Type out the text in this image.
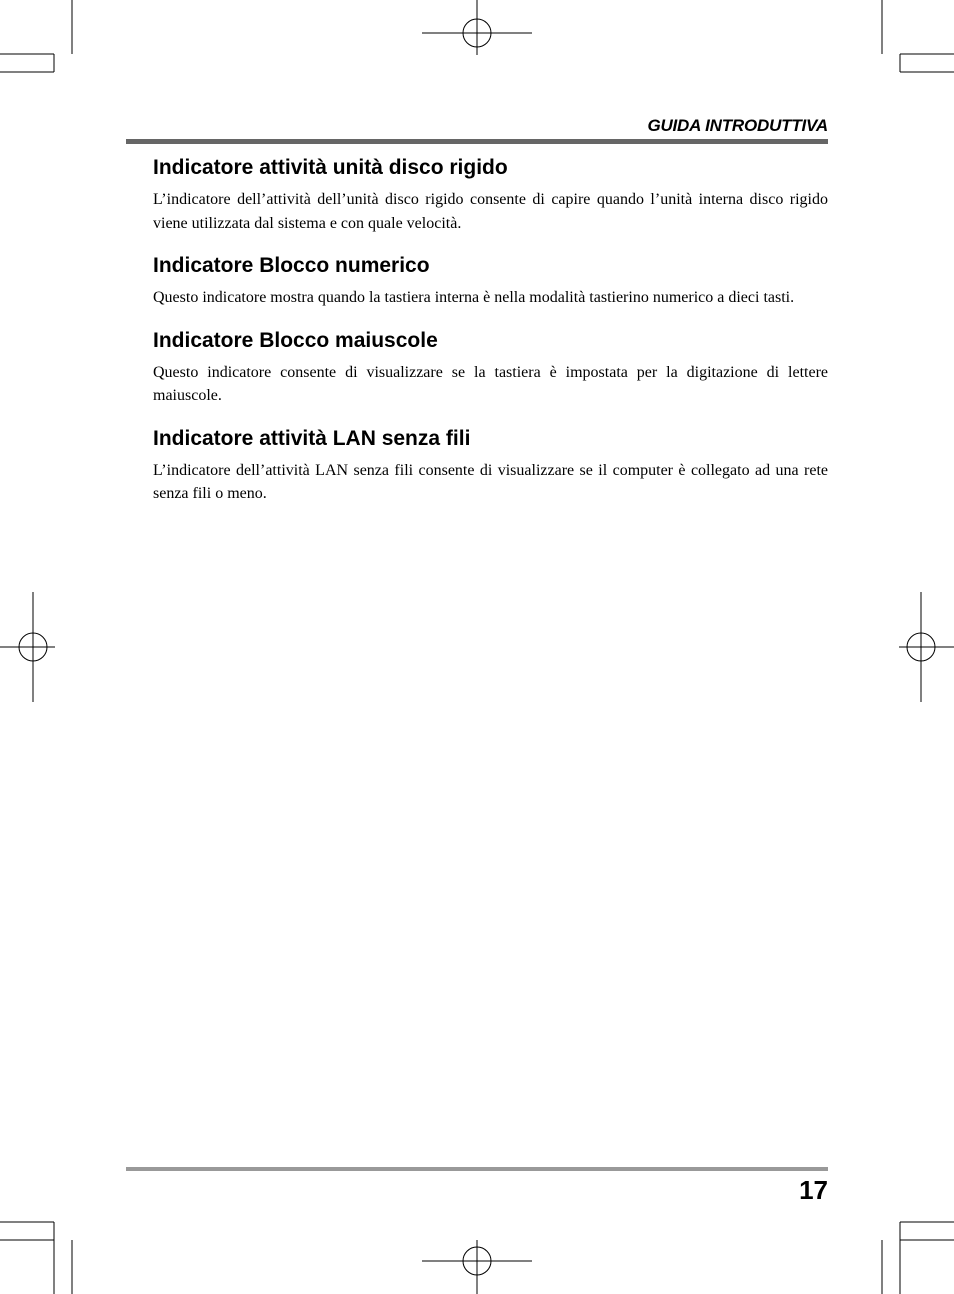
GUIDA INTRODUTTIVA
Indicatore attività unità disco rigido

L’indicatore dell’attività dell’unità disco rigido consente di capire quando l’unità interna disco rigido viene utilizzata dal sistema e con quale velocità.

Indicatore Blocco numerico

Questo indicatore mostra quando la tastiera interna è nella modalità tastierino numerico a dieci tasti.

Indicatore Blocco maiuscole

Questo indicatore consente di visualizzare se la tastiera è impostata per la digitazione di lettere maiuscole.

Indicatore attività LAN senza fili

L’indicatore dell’attività LAN senza fili consente di visualizzare se il computer è collegato ad una rete senza fili o meno.

17
